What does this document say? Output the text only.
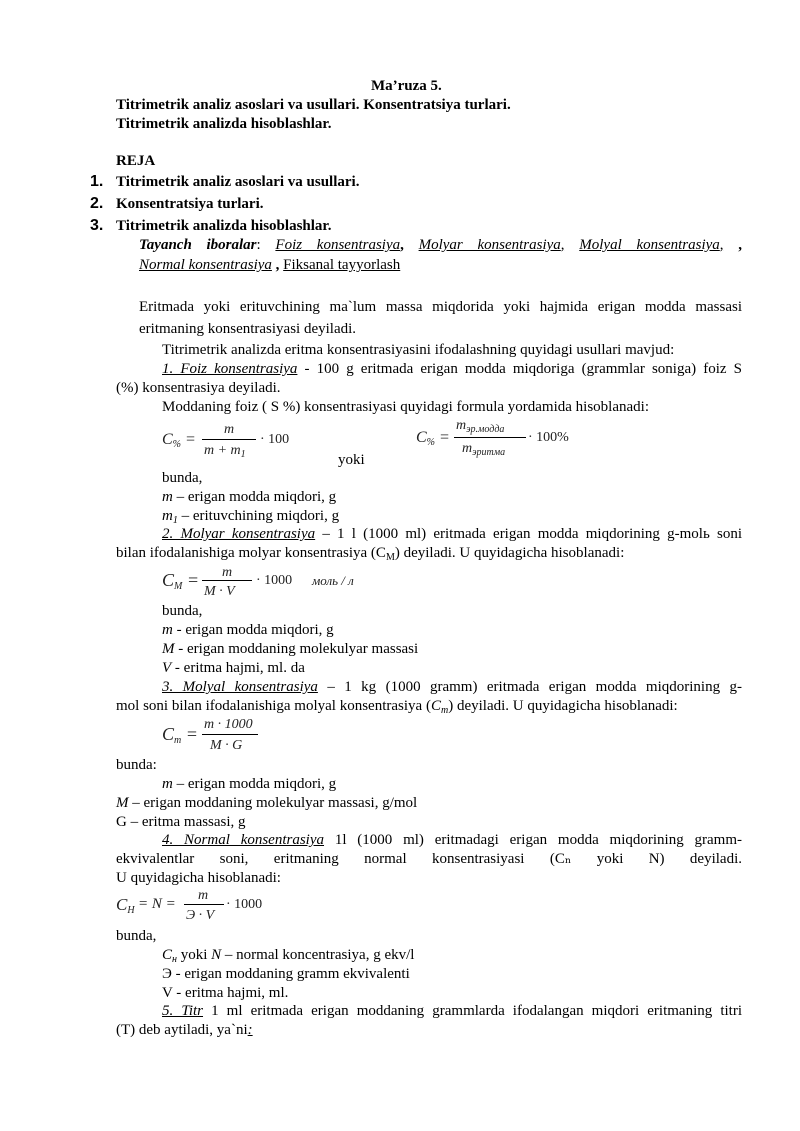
Ma’ruza 5.
Titrimetrik analiz asoslari va usullari. Konsentratsiya turlari.
Titrimetrik analizda hisoblashlar.
REJA
1. Titrimetrik analiz asoslari va usullari.
2. Konsentratsiya turlari.
3. Titrimetrik analizda hisoblashlar.
Tayanch iboralar: Foiz konsentrasiya, Molyar konsentrasiya, Molyal konsentrasiya, ,
Normal konsentrasiya , Fiksanal tayyorlash
Eritmada yoki erituvchining ma`lum massa miqdorida yoki hajmida erigan modda massasi
eritmaning konsentrasiyasi deyiladi.
Titrimetrik analizda eritma konsentrasiyasini ifodalashning quyidagi usullari mavjud:
1. Foiz konsentrasiya - 100 g eritmada erigan modda miqdoriga (grammlar soniga) foiz S
(%) konsentrasiya deyiladi.
Moddaning foiz ( S %) konsentrasiyasi quyidagi formula yordamida hisoblanadi:
$C_{\%}$ =
m
$m + m_1$
· 100
yoki
$C_{\%}$ =
$m_{эр.модда}$
$m_{эритма}$
· 100%
bunda,
m – erigan modda miqdori, g
$m_1$ – erituvchining miqdori, g
2. Molyar konsentrasiya – 1 l (1000 ml) eritmada erigan modda miqdorining g-molь soni
bilan ifodalanishiga molyar konsentrasiya $(C_M)$ deyiladi. U quyidagicha hisoblanadi:
$C_M = m$
M · V
· 1000 моль / л
bunda,
m - erigan modda miqdori, g
M - erigan moddaning molekulyar massasi
V - eritma hajmi, ml. da
3. Molyal konsentrasiya – 1 kg (1000 gramm) eritmada erigan modda miqdorining g-
mol soni bilan ifodalanishiga molyal konsentrasiya $(C_m)$ deyiladi. U quyidagicha hisoblanadi:
$C_m = m \cdot 1000$
M · G
bunda:
m – erigan modda miqdori, g
M – erigan moddaning molekulyar massasi, g/mol
G – eritma massasi, g
4. Normal konsentrasiya 1l (1000 ml) eritmadagi erigan modda miqdorining gramm-
ekvivalentlar soni, eritmaning normal konsentrasiyasi (Cₙ yoki N) deyiladi.
U quyidagicha hisoblanadi:
$C_Н = N$ =
m
Э · V
· 1000
bunda,
$C_н$ yoki N – normal koncentrasiya, g ekv/l
Э - erigan moddaning gramm ekvivalenti
V - eritma hajmi, ml.
5. Titr 1 ml eritmada erigan moddaning grammlarda ifodalangan miqdori eritmaning titri
(T) deb aytiladi, ya`ni:
